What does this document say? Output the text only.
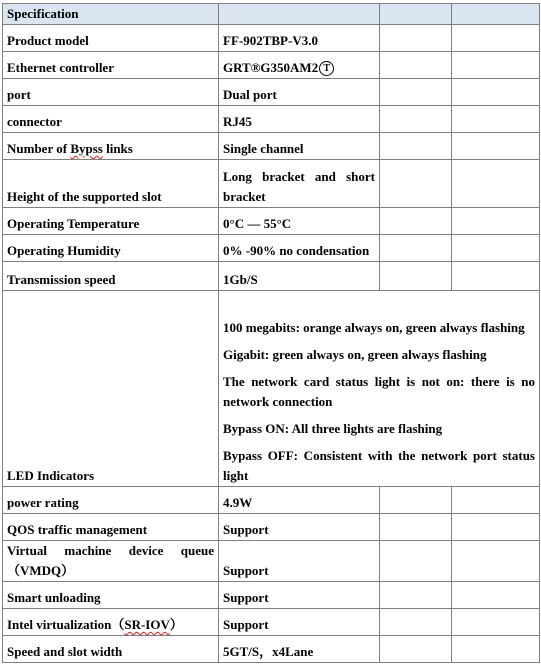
Specification			
Product model	FF-902TBP-V3.0		
Ethernet controller	GRT®G350AM2 T		
port	Dual port		
connector	RJ45		
Number of Bypss links	Single channel		
Height of the supported slot	Long bracket and short bracket		
Operating Temperature	0°C — 55°C		
Operating Humidity	0% -90% no condensation		
Transmission speed	1Gb/S		
LED Indicators	100 megabits: orange always on, green always flashing
Gigabit: green always on, green always flashing
The network card status light is not on: there is no network connection
Bypass ON: All three lights are flashing
Bypass OFF: Consistent with the network port status light		

power rating	4.9W		
QOS traffic management	Support		

Virtual machine device queue
（VMDQ）	Support		
Smart unloading	Support		
Intel virtualization（SR-IOV）	Support		
Speed and slot width	5GT/S，x4Lane		
